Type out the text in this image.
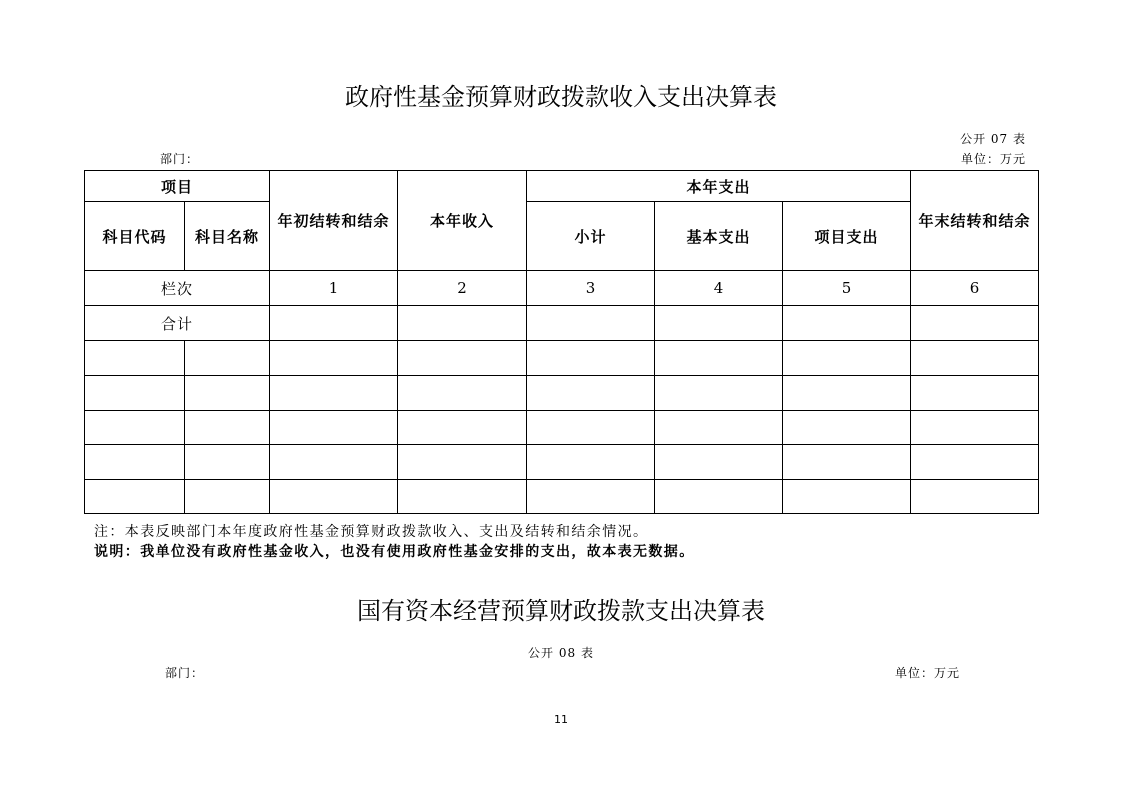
政府性基金预算财政拨款收入支出决算表
公开 07 表
部门：	单位：万元
项目		年初结转和结余	本年收入	本年支出			年末结转和结余
科目代码	科目名称			小计	基本支出	项目支出	
栏次		1	2	3	4	5	6
合计							

注：本表反映部门本年度政府性基金预算财政拨款收入、支出及结转和结余情况。
说明：我单位没有政府性基金收入，也没有使用政府性基金安排的支出，故本表无数据。
国有资本经营预算财政拨款支出决算表
公开 08 表
部门：	单位：万元
11
